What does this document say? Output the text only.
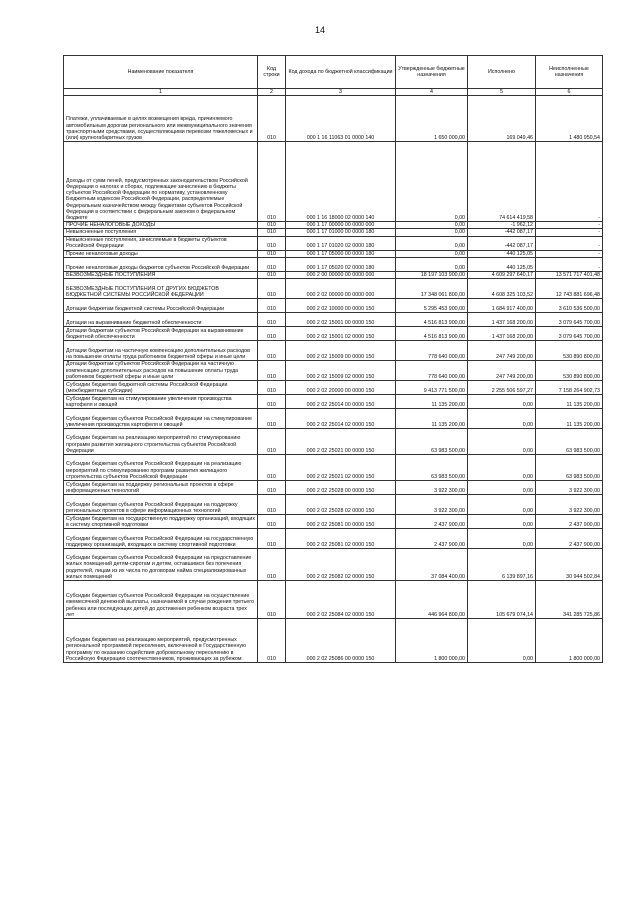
14
Наименование показателя	Код строки	Код дохода по бюджетной классификации	Утвержденные бюджетные назначения	Исполнено	Неисполненные назначения
1	2	3	4	5	6
Платежи, уплачиваемые в целях возмещения вреда, причиняемого автомобильным дорогам регионального или межмуниципального значения транспортными средствами, осуществляющими перевозки тяжеловесных и (или) крупногабаритных грузов	010	000 1 16 11063 01 0000 140	1 650 000,00	169 049,46	1 480 950,54
Доходы от сумм пеней, предусмотренных законодательством Российской Федерации о налогах и сборах, подлежащие зачислению в бюджеты субъектов Российской Федерации по нормативу, установленному Бюджетным кодексом Российской Федерации, распределяемые Федеральным казначейством между бюджетами субъектов Российской Федерации в соответствии с федеральным законом о федеральном бюджете	010	000 1 16 18000 02 0000 140	0,00	74 614 419,58	-
ПРОЧИЕ НЕНАЛОГОВЫЕ ДОХОДЫ	010	000 1 17 00000 00 0000 000	0,00	-1 962,12	-
Невыясненные поступления	010	000 1 17 01000 00 0000 180	0,00	-442 087,17	-
Невыясненные поступления, зачисляемые в бюджеты субъектов Российской Федерации	010	000 1 17 01020 02 0000 180	0,00	-442 087,17	-
Прочие неналоговые доходы	010	000 1 17 05000 00 0000 180	0,00	440 125,05	-
Прочие неналоговые доходы бюджетов субъектов Российской Федерации	010	000 1 17 05020 02 0000 180	0,00	440 125,05	-
БЕЗВОЗМЕЗДНЫЕ ПОСТУПЛЕНИЯ	010	000 2 00 00000 00 0000 000	18 197 103 900,00	4 609 297 640,17	13 571 717 401,48
БЕЗВОЗМЕЗДНЫЕ ПОСТУПЛЕНИЯ ОТ ДРУГИХ БЮДЖЕТОВ БЮДЖЕТНОЙ СИСТЕМЫ РОССИЙСКОЙ ФЕДЕРАЦИИ	010	000 2 02 00000 00 0000 000	17 348 061 800,00	4 608 325 103,52	12 743 881 696,48
Дотации бюджетам бюджетной системы Российской Федерации	010	000 2 02 10000 00 0000 150	5 295 453 900,00	1 684 917 400,00	3 610 536 500,00
Дотации на выравнивание бюджетной обеспеченности	010	000 2 02 15001 00 0000 150	4 516 813 900,00	1 437 168 200,00	3 079 645 700,00
Дотации бюджетам субъектов Российской Федерации на выравнивание бюджетной обеспеченности	010	000 2 02 15001 02 0000 150	4 516 813 900,00	1 437 168 200,00	3 079 645 700,00
Дотации бюджетам на частичную компенсацию дополнительных расходов на повышение оплаты труда работников бюджетной сферы и иные цели	010	000 2 02 15009 00 0000 150	778 640 000,00	247 749 200,00	530 890 800,00
Дотации бюджетам субъектов Российской Федерации на частичную компенсацию дополнительных расходов на повышение оплаты труда работников бюджетной сферы и иные цели	010	000 2 02 15009 02 0000 150	778 640 000,00	247 749 200,00	530 890 800,00
Субсидии бюджетам бюджетной системы Российской Федерации (межбюджетные субсидии)	010	000 2 02 20000 00 0000 150	9 413 771 500,00	2 255 506 597,27	7 158 264 902,73
Субсидии бюджетам на стимулирование увеличения производства картофеля и овощей	010	000 2 02 25014 00 0000 150	11 135 200,00	0,00	11 135 200,00
Субсидии бюджетам субъектов Российской Федерации на стимулирование увеличения производства картофеля и овощей	010	000 2 02 25014 02 0000 150	11 135 200,00	0,00	11 135 200,00
Субсидии бюджетам на реализацию мероприятий по стимулированию программ развития жилищного строительства субъектов Российской Федерации	010	000 2 02 25021 00 0000 150	63 983 500,00	0,00	63 983 500,00
Субсидии бюджетам субъектов Российской Федерации на реализацию мероприятий по стимулированию программ развития жилищного строительства субъектов Российской Федерации	010	000 2 02 25021 02 0000 150	63 983 500,00	0,00	63 983 500,00
Субсидии бюджетам на поддержку региональных проектов в сфере информационных технологий	010	000 2 02 25028 00 0000 150	3 922 300,00	0,00	3 922 300,00
Субсидии бюджетам субъектов Российской Федерации на поддержку региональных проектов в сфере информационных технологий	010	000 2 02 25028 02 0000 150	3 922 300,00	0,00	3 922 300,00
Субсидии бюджетам на государственную поддержку организаций, входящих в систему спортивной подготовки	010	000 2 02 25081 00 0000 150	2 437 900,00	0,00	2 437 900,00
Субсидии бюджетам субъектов Российской Федерации на государственную поддержку организаций, входящих в систему спортивной подготовки	010	000 2 02 25081 02 0000 150	2 437 900,00	0,00	2 437 900,00
Субсидии бюджетам субъектов Российской Федерации на предоставление жилых помещений детям-сиротам и детям, оставшимся без попечения родителей, лицам из их числа по договорам найма специализированных жилых помещений	010	000 2 02 25082 02 0000 150	37 084 400,00	6 139 897,16	30 944 502,84
Субсидии бюджетам субъектов Российской Федерации на осуществление ежемесячной денежной выплаты, назначаемой в случае рождения третьего ребенка или последующих детей до достижения ребенком возраста трех лет	010	000 2 02 25084 02 0000 150	446 964 800,00	105 679 074,14	341 285 725,86
Субсидии бюджетам на реализацию мероприятий, предусмотренных региональной программой переселения, включенной в Государственную программу по оказанию содействия добровольному переселению в Российскую Федерацию соотечественников, проживающих за рубежом	010	000 2 02 25086 00 0000 150	1 800 000,00	0,00	1 800 000,00
